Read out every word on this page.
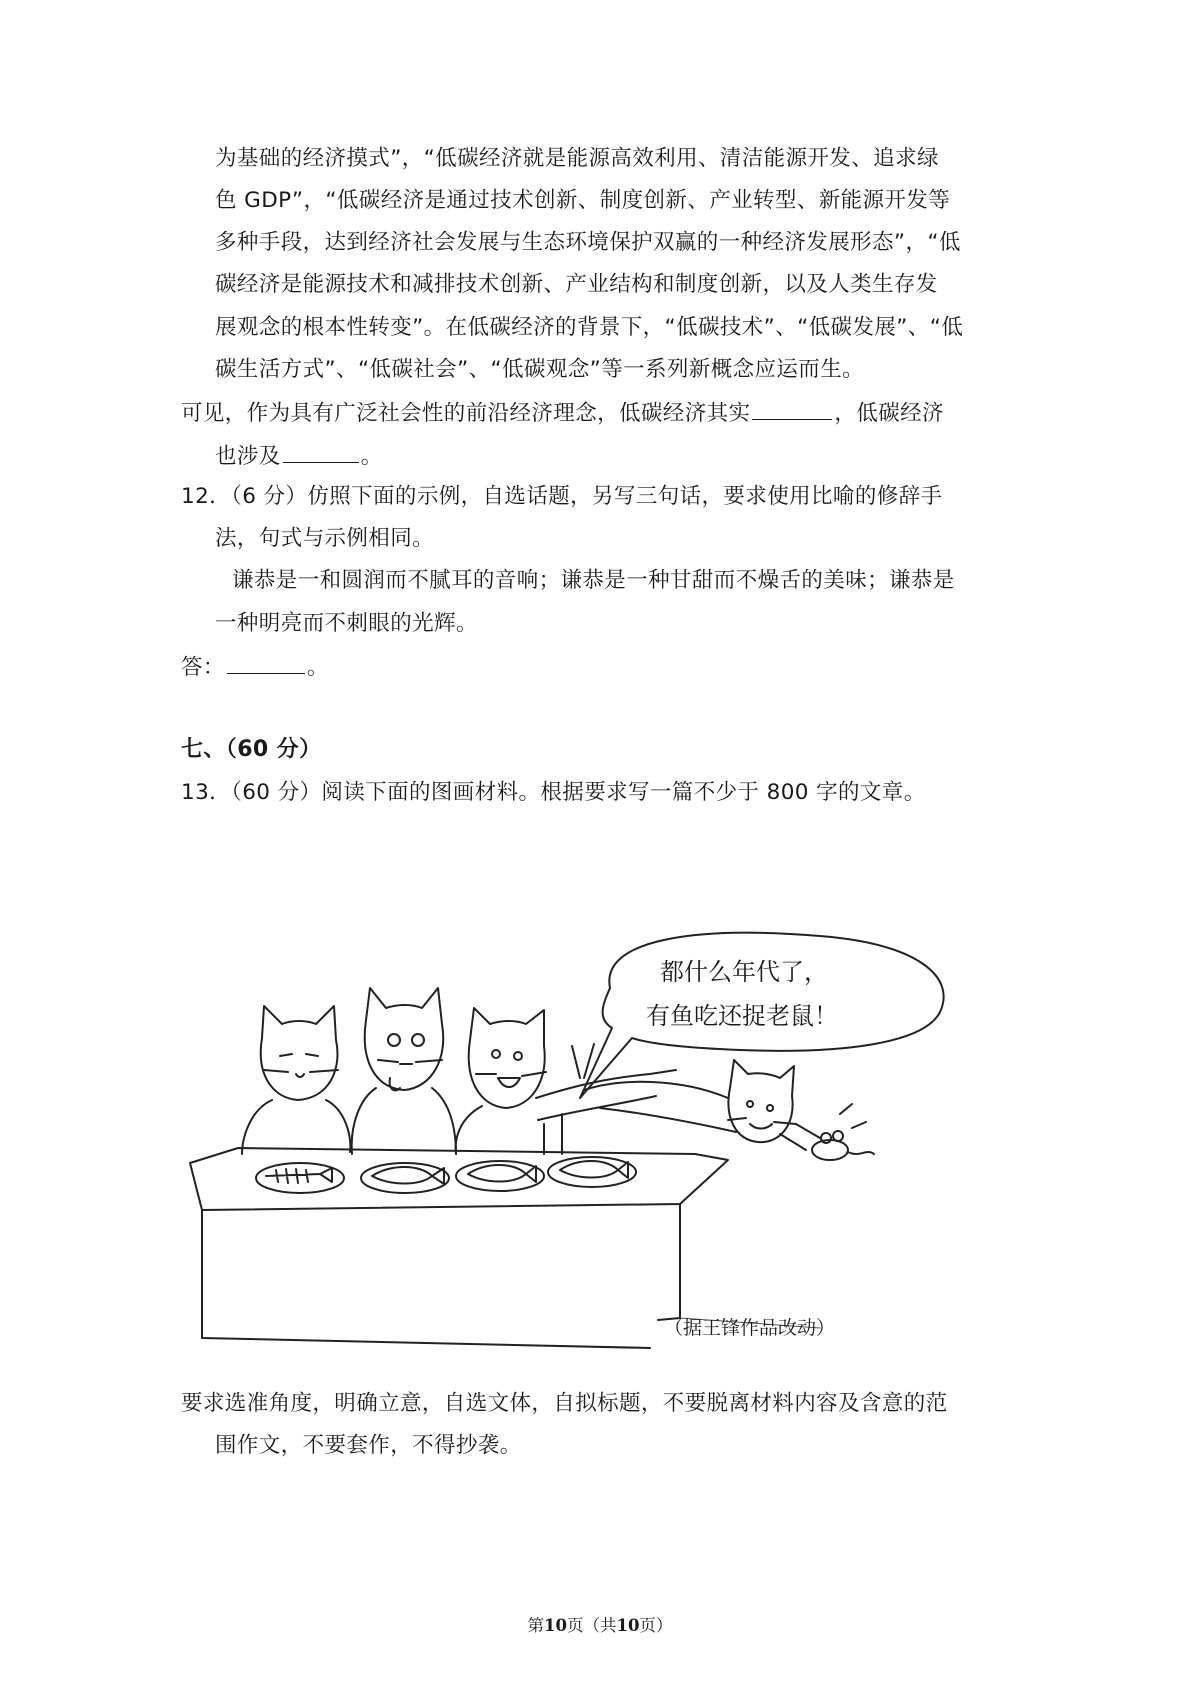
为基础的经济摸式”，“低碳经济就是能源高效利用、清洁能源开发、追求绿
色 GDP”，“低碳经济是通过技术创新、制度创新、产业转型、新能源开发等
多种手段，达到经济社会发展与生态环境保护双赢的一种经济发展形态”，“低
碳经济是能源技术和减排技术创新、产业结构和制度创新，以及人类生存发
展观念的根本性转变”。在低碳经济的背景下，“低碳技术”、“低碳发展”、“低
碳生活方式”、“低碳社会”、“低碳观念”等一系列新概念应运而生。
可见，作为具有广泛社会性的前沿经济理念，低碳经济其实	，低碳经济
也涉及	。
12．（6 分）仿照下面的示例，自选话题，另写三句话，要求使用比喻的修辞手
法，句式与示例相同。
谦恭是一和圆润而不腻耳的音响；谦恭是一种甘甜而不燥舌的美味；谦恭是
一种明亮而不刺眼的光辉。
答：	。
七、（60 分）
13．（60 分）阅读下面的图画材料。根据要求写一篇不少于 800 字的文章。
都什么年代了，
有鱼吃还捉老鼠！
（据王锋作品改动）
要求选准角度，明确立意，自选文体，自拟标题，不要脱离材料内容及含意的范
围作文，不要套作，不得抄袭。
第10页（共10页）
